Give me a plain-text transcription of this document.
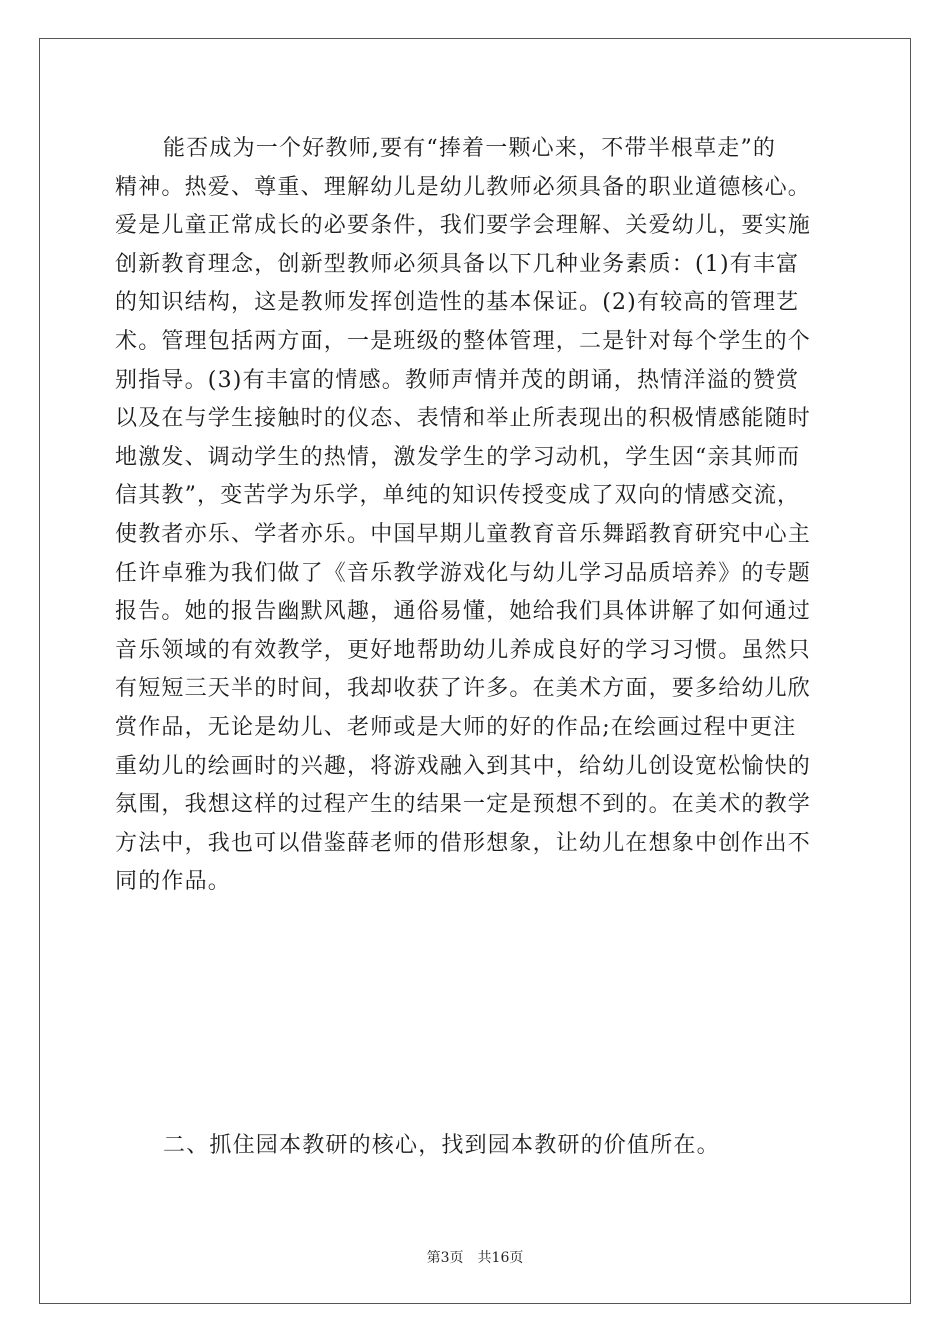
能否成为一个好教师,要有“捧着一颗心来，不带半根草走”的
精神。热爱、尊重、理解幼儿是幼儿教师必须具备的职业道德核心。
爱是儿童正常成长的必要条件，我们要学会理解、关爱幼儿，要实施
创新教育理念，创新型教师必须具备以下几种业务素质：(1)有丰富
的知识结构，这是教师发挥创造性的基本保证。(2)有较高的管理艺
术。管理包括两方面，一是班级的整体管理，二是针对每个学生的个
别指导。(3)有丰富的情感。教师声情并茂的朗诵，热情洋溢的赞赏
以及在与学生接触时的仪态、表情和举止所表现出的积极情感能随时
地激发、调动学生的热情，激发学生的学习动机，学生因“亲其师而
信其教”，变苦学为乐学，单纯的知识传授变成了双向的情感交流，
使教者亦乐、学者亦乐。中国早期儿童教育音乐舞蹈教育研究中心主
任许卓雅为我们做了《音乐教学游戏化与幼儿学习品质培养》的专题
报告。她的报告幽默风趣，通俗易懂，她给我们具体讲解了如何通过
音乐领域的有效教学，更好地帮助幼儿养成良好的学习习惯。虽然只
有短短三天半的时间，我却收获了许多。在美术方面，要多给幼儿欣
赏作品，无论是幼儿、老师或是大师的好的作品;在绘画过程中更注
重幼儿的绘画时的兴趣，将游戏融入到其中，给幼儿创设宽松愉快的
氛围，我想这样的过程产生的结果一定是预想不到的。在美术的教学
方法中，我也可以借鉴薛老师的借形想象，让幼儿在想象中创作出不
同的作品。
二、抓住园本教研的核心，找到园本教研的价值所在。
第3页 共16页
